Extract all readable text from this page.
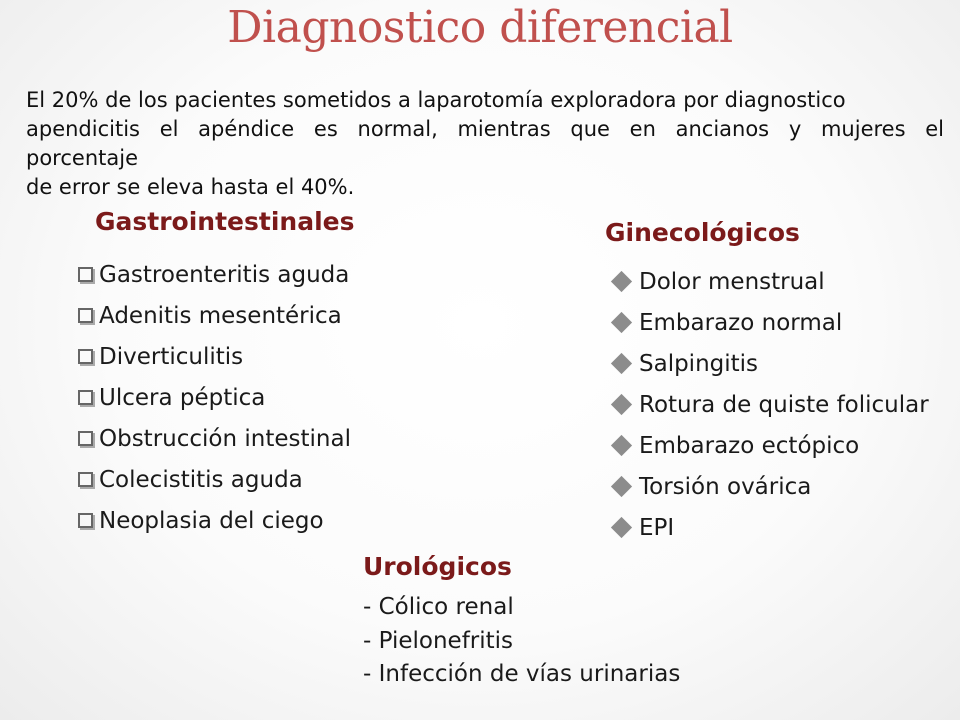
Diagnostico diferencial
El 20% de los pacientes sometidos a laparotomía exploradora por diagnostico

apendicitis el apéndice es normal, mientras que en ancianos y mujeres el
porcentaje
de error se eleva hasta el 40%.
Gastrointestinales
Gastroenteritis aguda
Adenitis mesentérica
Diverticulitis
Ulcera péptica
Obstrucción intestinal
Colecistitis aguda
Neoplasia del ciego
Ginecológicos
Dolor menstrual
Embarazo normal
Salpingitis
Rotura de quiste folicular
Embarazo ectópico
Torsión ovárica
EPI
Urológicos
- Cólico renal
- Pielonefritis
- Infección de vías urinarias
